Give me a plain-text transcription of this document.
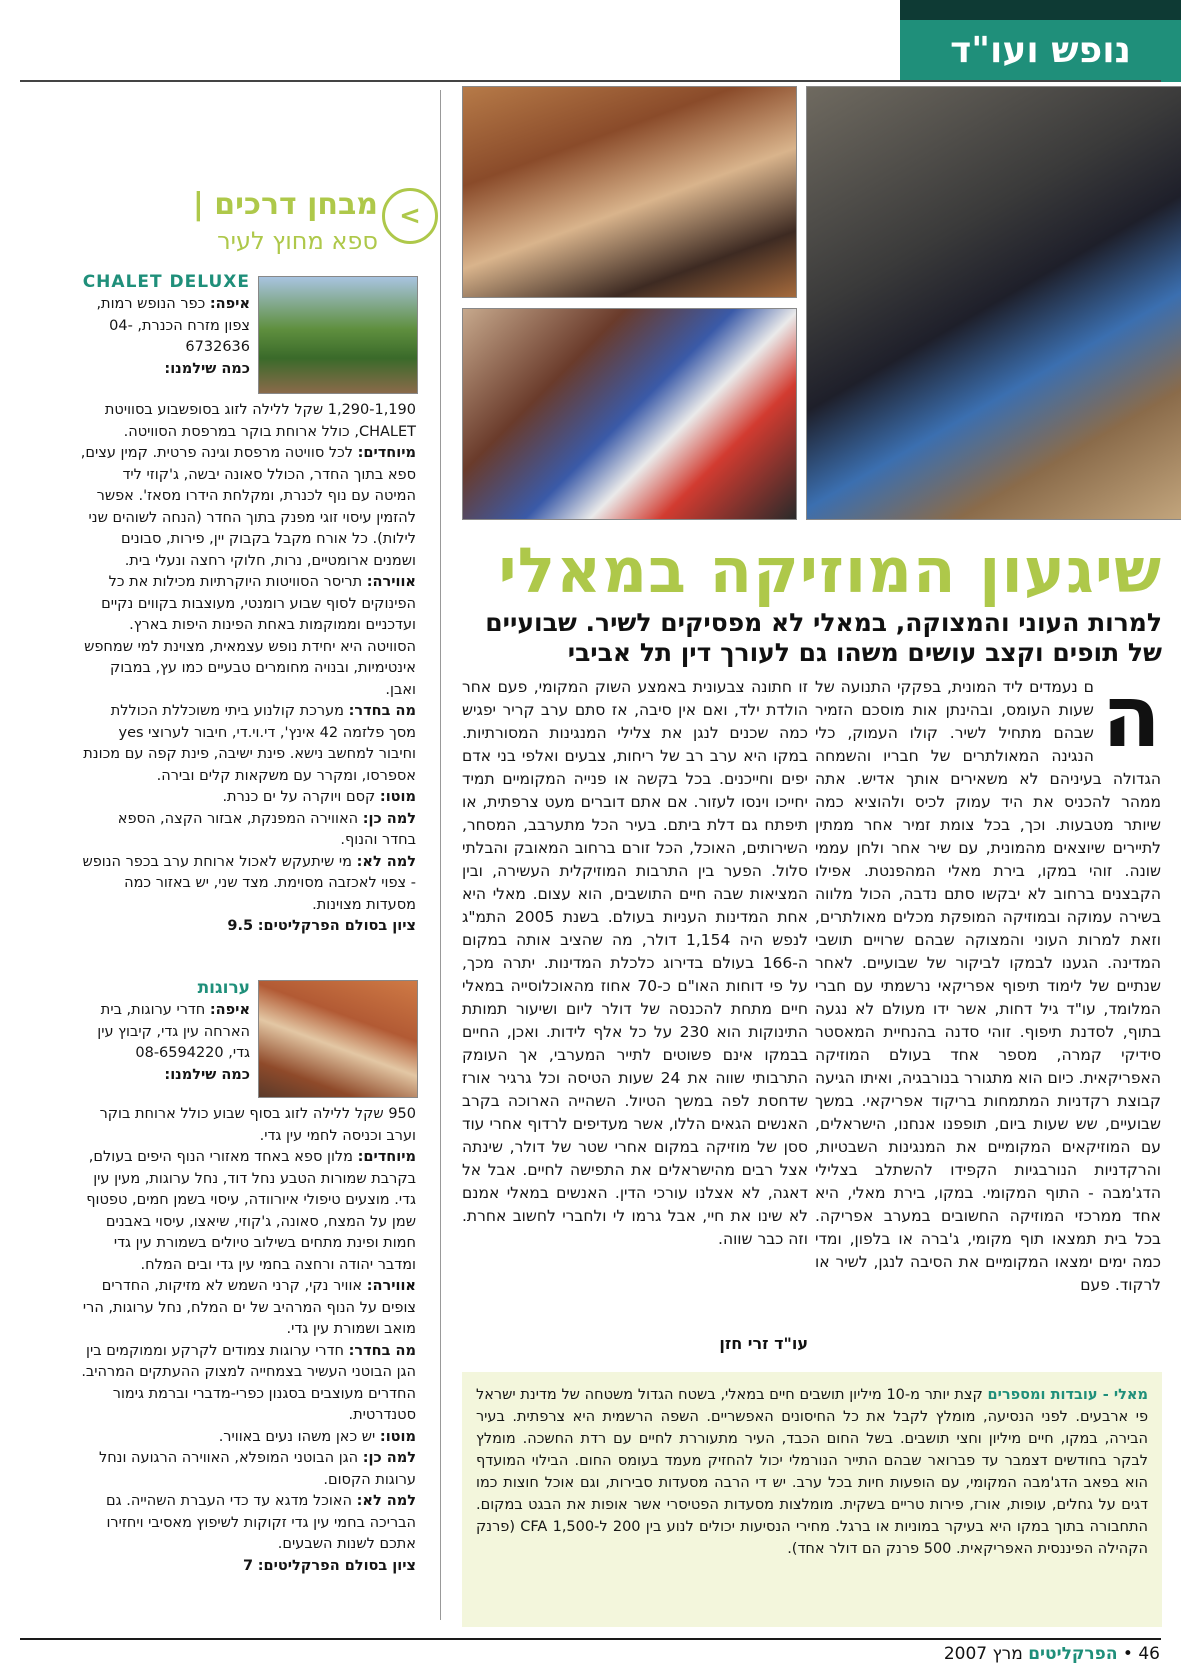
נופש ועו"ד
שיגעון המוזיקה במאלי
למרות העוני והמצוקה, במאלי לא מפסיקים לשיר. שבועיים של תופים וקצב עושים משהו גם לעורך דין תל אביבי
ה
ם נעמדים ליד המונית, בפקקי התנועה של שעות העומס, ובהינתן אות מוסכם הזמיר שבהם מתחיל לשיר. קולו העמוק, כלי הנגינה המאולתרים של חבריו והשמחה הגדולה בעיניהם לא משאירים אותך אדיש. אתה ממהר להכניס את היד עמוק לכיס ולהוציא כמה שיותר מטבעות. וכך, בכל צומת זמיר אחר ממתין לתיירים שיוצאים מהמונית, עם שיר אחר ולחן עממי שונה. זוהי במקו, בירת מאלי המהפנטת. אפילו הקבצנים ברחוב לא יבקשו סתם נדבה, הכול מלווה בשירה עמוקה ובמוזיקה המופקת מכלים מאולתרים, וזאת למרות העוני והמצוקה שבהם שרויים תושבי המדינה. הגענו לבמקו לביקור של שבועיים. לאחר שנתיים של לימוד תיפוף אפריקאי נרשמתי עם חברי המלומד, עו"ד גיל דחות, אשר ידו מעולם לא נגעה בתוף, לסדנת תיפוף. זוהי סדנה בהנחיית המאסטר סידיקי קמרה, מספר אחד בעולם המוזיקה האפריקאית. כיום הוא מתגורר בנורבגיה, ואיתו הגיעה קבוצת רקדניות המתמחות בריקוד אפריקאי. במשך שבועיים, שש שעות ביום, תופפנו אנחנו, הישראלים, עם המוזיקאים המקומיים את המנגינות השבטיות, והרקדניות הנורבגיות הקפידו להשתלב בצלילי הדג'מבה - התוף המקומי. במקו, בירת מאלי, היא אחד ממרכזי המוזיקה החשובים במערב אפריקה. בכל בית תמצאו תוף מקומי, ג'ברה או בלפון, ומדי כמה ימים ימצאו המקומיים את הסיבה לנגן, לשיר או לרקוד. פעם
זו חתונה צבעונית באמצע השוק המקומי, פעם אחר הולדת ילד, ואם אין סיבה, אז סתם ערב קריר יפגיש כמה שכנים לנגן את צלילי המנגינות המסורתיות. במקו היא ערב רב של ריחות, צבעים ואלפי בני אדם יפים וחייכנים. בכל בקשה או פנייה המקומיים תמיד יחייכו וינסו לעזור. אם אתם דוברים מעט צרפתית, או תיפתח גם דלת ביתם. בעיר הכל מתערבב, המסחר, השירותים, האוכל, הכל זורם ברחוב המאובק והבלתי סלול. הפער בין התרבות המוזיקלית העשירה, ובין המציאות שבה חיים התושבים, הוא עצום. מאלי היא אחת המדינות העניות בעולם. בשנת 2005 התמ"ג לנפש היה 1,154 דולר, מה שהציב אותה במקום ה-166 בעולם בדירוג כלכלת המדינות. יתרה מכך, על פי דוחות האו"ם כ-70 אחוז מהאוכלוסייה במאלי חיים מתחת להכנסה של דולר ליום ושיעור תמותת התינוקות הוא 230 על כל אלף לידות. ואכן, החיים בבמקו אינם פשוטים לתייר המערבי, אך העומק התרבותי שווה את 24 שעות הטיסה וכל גרגיר אורז שדחסת לפה במשך הטיול. השהייה הארוכה בקרב האנשים הגאים הללו, אשר מעדיפים לרדוף אחרי עוד ססן של מוזיקה במקום אחרי שטר של דולר, שינתה אצל רבים מהישראלים את התפישה לחיים. אבל אל דאגה, לא אצלנו עורכי הדין. האנשים במאלי אמנם לא שינו את חיי, אבל גרמו לי ולחברי לחשוב אחרת. וזה כבר שווה.
עו"ד זרי חזן
מאלי - עובדות ומספרים קצת יותר מ-10 מיליון תושבים חיים במאלי, בשטח הגדול משטחה של מדינת ישראל פי ארבעים. לפני הנסיעה, מומלץ לקבל את כל החיסונים האפשריים. השפה הרשמית היא צרפתית. בעיר הבירה, במקו, חיים מיליון וחצי תושבים. בשל החום הכבד, העיר מתעוררת לחיים עם רדת החשכה. מומלץ לבקר בחודשים דצמבר עד פברואר שבהם התייר הנורמלי יכול להחזיק מעמד בעומס החום. הבילוי המועדף הוא בפאב הדג'מבה המקומי, עם הופעות חיות בכל ערב. יש די הרבה מסעדות סבירות, וגם אוכל חוצות כמו דגים על גחלים, עופות, אורז, פירות טריים בשקית. מומלצות מסעדות הפטיסרי אשר אופות את הבגט במקום. התחבורה בתוך במקו היא בעיקר במוניות או ברגל. מחירי הנסיעות יכולים לנוע בין 200 ל-1,500 CFA (פרנק הקהילה הפיננסית האפריקאית. 500 פרנק הם דולר אחד).
<
מבחן דרכים |
ספא מחוץ לעיר
CHALET DELUXE
איפה: כפר הנופש רמות, צפון מזרח הכנרת, 04-6732636
כמה שילמנו:
1,290-1,190 שקל ללילה לזוג בסופשבוע בסוויטת CHALET, כולל ארוחת בוקר במרפסת הסוויטה.
מיוחדים: לכל סוויטה מרפסת וגינה פרטית. קמין עצים, ספא בתוך החדר, הכולל סאונה יבשה, ג'קוזי ליד המיטה עם נוף לכנרת, ומקלחת הידרו מסאז'. אפשר להזמין עיסוי זוגי מפנק בתוך החדר (הנחה לשוהים שני לילות). כל אורח מקבל בקבוק יין, פירות, סבונים ושמנים ארומטיים, נרות, חלוקי רחצה ונעלי בית.
אווירה: תריסר הסוויטות היוקרתיות מכילות את כל הפינוקים לסוף שבוע רומנטי, מעוצבות בקווים נקיים ועדכניים וממוקמות באחת הפינות היפות בארץ. הסוויטה היא יחידת נופש עצמאית, מצוינת למי שמחפש אינטימיות, ובנויה מחומרים טבעיים כמו עץ, במבוק ואבן.
מה בחדר: מערכת קולנוע ביתי משוכללת הכוללת מסך פלזמה 42 אינץ', די.וי.די, חיבור לערוצי yes וחיבור למחשב נישא. פינת ישיבה, פינת קפה עם מכונת אספרסו, ומקרר עם משקאות קלים ובירה.
מוטו: קסם ויוקרה על ים כנרת.
למה כן: האווירה המפנקת, אבזור הקצה, הספא בחדר והנוף.
למה לא: מי שיתעקש לאכול ארוחת ערב בכפר הנופש - צפוי לאכזבה מסוימת. מצד שני, יש באזור כמה מסעדות מצוינות.
ציון בסולם הפרקליטים: 9.5
ערוגות
איפה: חדרי ערוגות, בית הארחה עין גדי, קיבוץ עין גדי, 08-6594220
כמה שילמנו:
950 שקל ללילה לזוג בסוף שבוע כולל ארוחת בוקר וערב וכניסה לחמי עין גדי.
מיוחדים: מלון ספא באחד מאזורי הנוף היפים בעולם, בקרבת שמורות הטבע נחל דוד, נחל ערוגות, מעין עין גדי. מוצעים טיפולי איורוודה, עיסוי בשמן חמים, טפטוף שמן על המצח, סאונה, ג'קוזי, שיאצו, עיסוי באבנים חמות ופינת מתחים בשילוב טיולים בשמורת עין גדי ומדבר יהודה ורחצה בחמי עין גדי ובים המלח.
אווירה: אוויר נקי, קרני השמש לא מזיקות, החדרים צופים על הנוף המרהיב של ים המלח, נחל ערוגות, הרי מואב ושמורת עין גדי.
מה בחדר: חדרי ערוגות צמודים לקרקע וממוקמים בין הגן הבוטני העשיר בצמחייה למצוק ההעתקים המרהיב. החדרים מעוצבים בסגנון כפרי-מדברי וברמת גימור סטנדרטית.
מוטו: יש כאן משהו נעים באוויר.
למה כן: הגן הבוטני המופלא, האווירה הרגועה ונחל ערוגות הקסום.
למה לא: האוכל מדגא עד כדי העברת השהייה. גם הבריכה בחמי עין גדי זקוקות לשיפוץ מאסיבי ויחזירו אתכם לשנות השבעים.
ציון בסולם הפרקליטים: 7
46 • הפרקליטים מרץ 2007
